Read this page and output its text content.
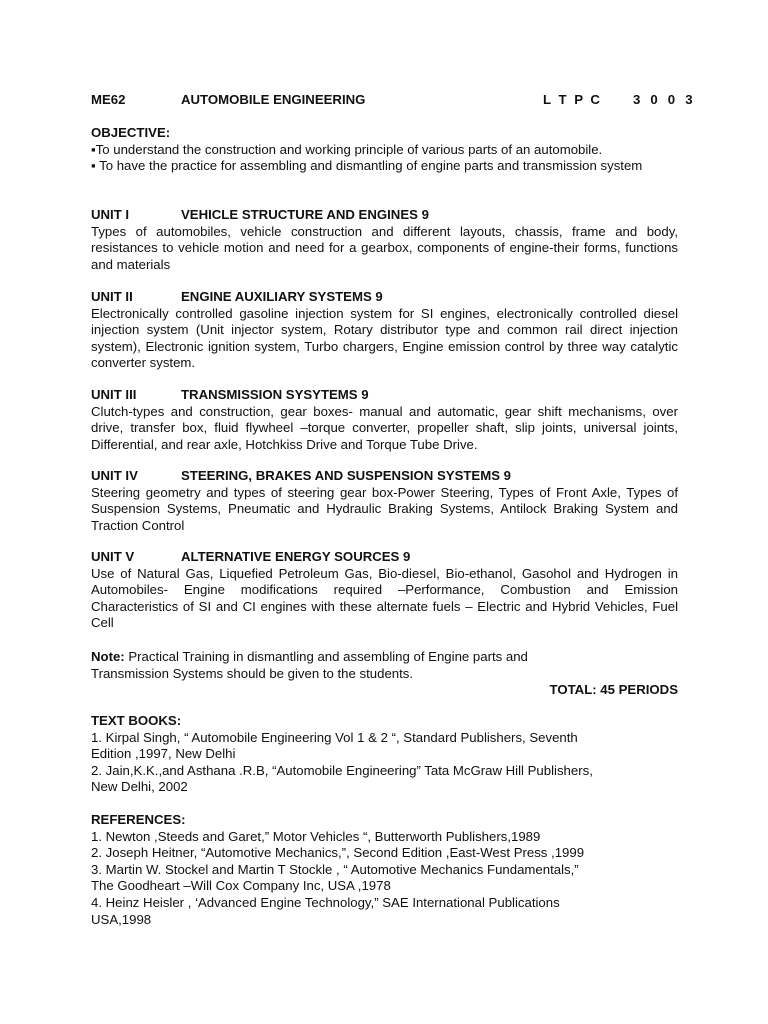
ME62	AUTOMOBILE ENGINEERING	L T P C 3 0 0 3
OBJECTIVE:
▪To understand the construction and working principle of various parts of an automobile.
▪ To have the practice for assembling and dismantling of engine parts and transmission system
UNIT I	VEHICLE STRUCTURE AND ENGINES 9
Types of automobiles, vehicle construction and different layouts, chassis, frame and body, resistances to vehicle motion and need for a gearbox, components of engine-their forms, functions and materials
UNIT II	ENGINE AUXILIARY SYSTEMS 9
Electronically controlled gasoline injection system for SI engines, electronically controlled diesel injection system (Unit injector system, Rotary distributor type and common rail direct injection system), Electronic ignition system, Turbo chargers, Engine emission control by three way catalytic converter system.
UNIT III	TRANSMISSION SYSYTEMS 9
Clutch-types and construction, gear boxes- manual and automatic, gear shift mechanisms, over drive, transfer box, fluid flywheel –torque converter, propeller shaft, slip joints, universal joints, Differential, and rear axle, Hotchkiss Drive and Torque Tube Drive.
UNIT IV	STEERING, BRAKES AND SUSPENSION SYSTEMS 9
Steering geometry and types of steering gear box-Power Steering, Types of Front Axle, Types of Suspension Systems, Pneumatic and Hydraulic Braking Systems, Antilock Braking System and Traction Control
UNIT V	ALTERNATIVE ENERGY SOURCES 9
Use of Natural Gas, Liquefied Petroleum Gas, Bio-diesel, Bio-ethanol, Gasohol and Hydrogen in Automobiles- Engine modifications required –Performance, Combustion and Emission Characteristics of SI and CI engines with these alternate fuels – Electric and Hybrid Vehicles, Fuel Cell
Note: Practical Training in dismantling and assembling of Engine parts and
Transmission Systems should be given to the students.
TOTAL: 45 PERIODS
TEXT BOOKS:
1. Kirpal Singh, “ Automobile Engineering Vol 1 & 2 “, Standard Publishers, Seventh
Edition ,1997, New Delhi
2. Jain,K.K.,and Asthana .R.B, “Automobile Engineering” Tata McGraw Hill Publishers,
New Delhi, 2002
REFERENCES:
1. Newton ,Steeds and Garet,” Motor Vehicles “, Butterworth Publishers,1989
2. Joseph Heitner, “Automotive Mechanics,”, Second Edition ,East-West Press ,1999
3. Martin W. Stockel and Martin T Stockle , “ Automotive Mechanics Fundamentals,”
The Goodheart –Will Cox Company Inc, USA ,1978
4. Heinz Heisler , ‘Advanced Engine Technology,” SAE International Publications
USA,1998
